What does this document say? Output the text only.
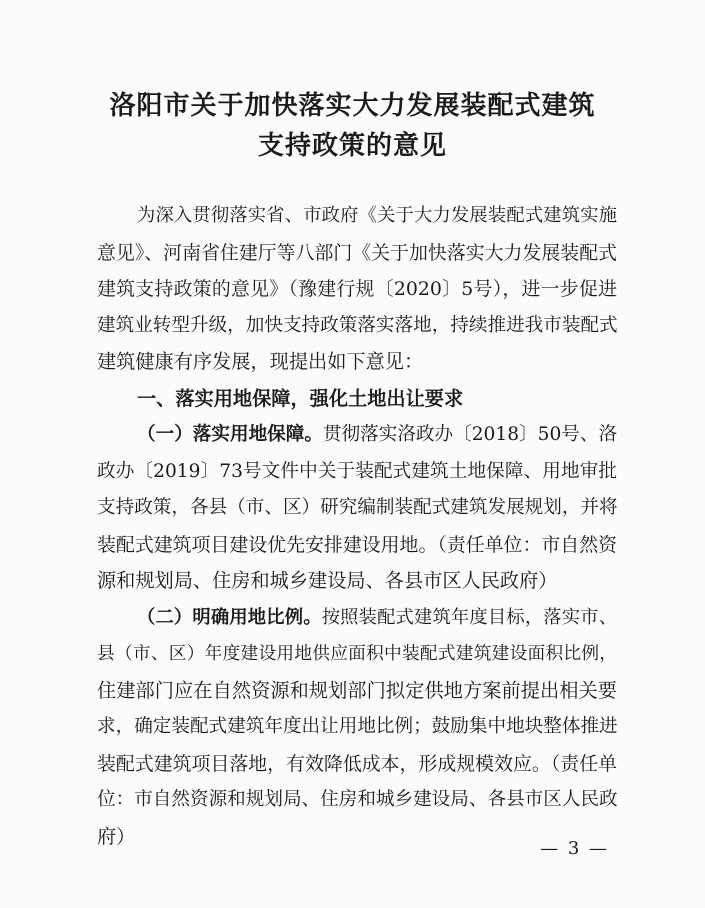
洛阳市关于加快落实大力发展装配式建筑
支持政策的意见
为深入贯彻落实省、市政府《关于大力发展装配式建筑实施
意见》、河南省住建厅等八部门《关于加快落实大力发展装配式
建筑支持政策的意见》（豫建行规〔2020〕5号），进一步促进
建筑业转型升级，加快支持政策落实落地，持续推进我市装配式
建筑健康有序发展，现提出如下意见：
一、落实用地保障，强化土地出让要求
（一）落实用地保障。贯彻落实洛政办〔2018〕50号、洛
政办〔2019〕73号文件中关于装配式建筑土地保障、用地审批
支持政策，各县（市、区）研究编制装配式建筑发展规划，并将
装配式建筑项目建设优先安排建设用地。（责任单位：市自然资
源和规划局、住房和城乡建设局、各县市区人民政府）
（二）明确用地比例。按照装配式建筑年度目标，落实市、
县（市、区）年度建设用地供应面积中装配式建筑建设面积比例，
住建部门应在自然资源和规划部门拟定供地方案前提出相关要
求，确定装配式建筑年度出让用地比例；鼓励集中地块整体推进
装配式建筑项目落地，有效降低成本，形成规模效应。（责任单
位：市自然资源和规划局、住房和城乡建设局、各县市区人民政
府）
— 3 —
